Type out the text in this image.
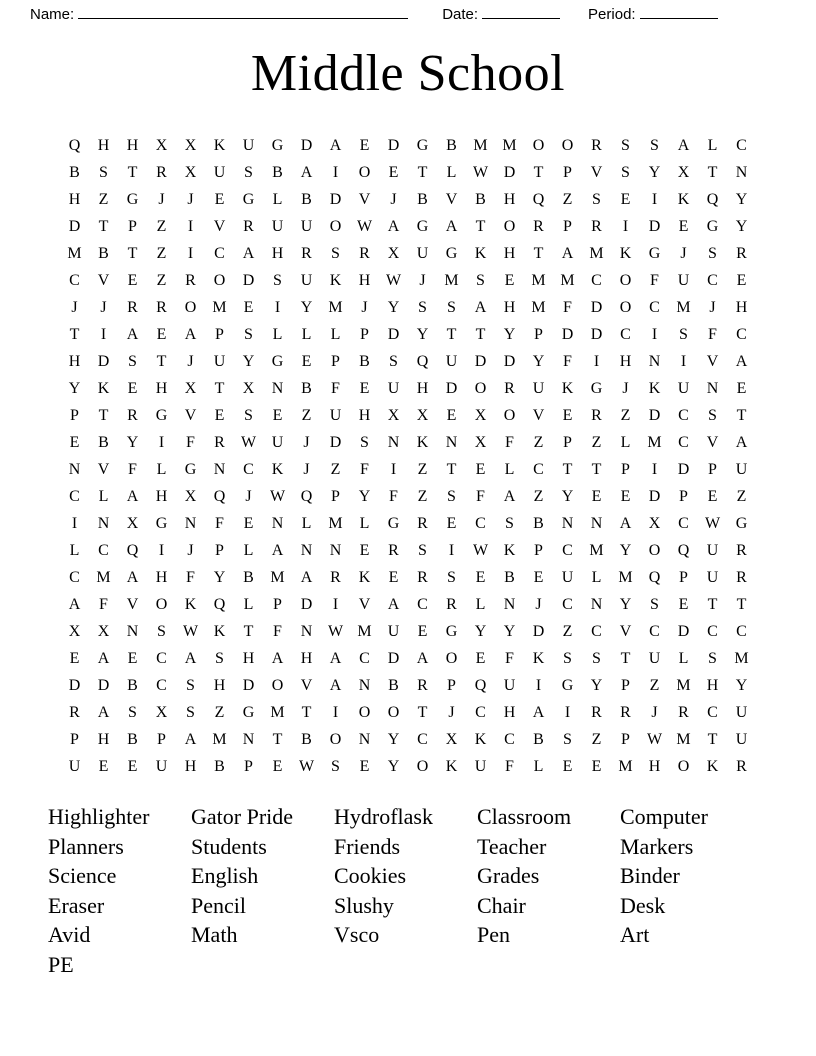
Name:	Date:	Period:
Middle School
Q	H	H	X	X	K	U	G	D	A	E	D	G	B	M	M	O	O	R	S	S	A	L	C
B	S	T	R	X	U	S	B	A	I	O	E	T	L	W	D	T	P	V	S	Y	X	T	N
H	Z	G	J	J	E	G	L	B	D	V	J	B	V	B	H	Q	Z	S	E	I	K	Q	Y
D	T	P	Z	I	V	R	U	U	O	W	A	G	A	T	O	R	P	R	I	D	E	G	Y
M	B	T	Z	I	C	A	H	R	S	R	X	U	G	K	H	T	A	M	K	G	J	S	R
C	V	E	Z	R	O	D	S	U	K	H	W	J	M	S	E	M	M	C	O	F	U	C	E
J	J	R	R	O	M	E	I	Y	M	J	Y	S	S	A	H	M	F	D	O	C	M	J	H
T	I	A	E	A	P	S	L	L	L	P	D	Y	T	T	Y	P	D	D	C	I	S	F	C
H	D	S	T	J	U	Y	G	E	P	B	S	Q	U	D	D	Y	F	I	H	N	I	V	A
Y	K	E	H	X	T	X	N	B	F	E	U	H	D	O	R	U	K	G	J	K	U	N	E
P	T	R	G	V	E	S	E	Z	U	H	X	X	E	X	O	V	E	R	Z	D	C	S	T
E	B	Y	I	F	R	W	U	J	D	S	N	K	N	X	F	Z	P	Z	L	M	C	V	A
N	V	F	L	G	N	C	K	J	Z	F	I	Z	T	E	L	C	T	T	P	I	D	P	U
C	L	A	H	X	Q	J	W	Q	P	Y	F	Z	S	F	A	Z	Y	E	E	D	P	E	Z
I	N	X	G	N	F	E	N	L	M	L	G	R	E	C	S	B	N	N	A	X	C	W	G
L	C	Q	I	J	P	L	A	N	N	E	R	S	I	W	K	P	C	M	Y	O	Q	U	R
C	M	A	H	F	Y	B	M	A	R	K	E	R	S	E	B	E	U	L	M	Q	P	U	R
A	F	V	O	K	Q	L	P	D	I	V	A	C	R	L	N	J	C	N	Y	S	E	T	T
X	X	N	S	W	K	T	F	N	W	M	U	E	G	Y	Y	D	Z	C	V	C	D	C	C
E	A	E	C	A	S	H	A	H	A	C	D	A	O	E	F	K	S	S	T	U	L	S	M
D	D	B	C	S	H	D	O	V	A	N	B	R	P	Q	U	I	G	Y	P	Z	M	H	Y
R	A	S	X	S	Z	G	M	T	I	O	O	T	J	C	H	A	I	R	R	J	R	C	U
P	H	B	P	A	M	N	T	B	O	N	Y	C	X	K	C	B	S	Z	P	W	M	T	U
U	E	E	U	H	B	P	E	W	S	E	Y	O	K	U	F	L	E	E	M	H	O	K	R
Highlighter
Planners
Science
Eraser
Avid
PE
Gator Pride
Students
English
Pencil
Math
Hydroflask
Friends
Cookies
Slushy
Vsco
Classroom
Teacher
Grades
Chair
Pen
Computer
Markers
Binder
Desk
Art
